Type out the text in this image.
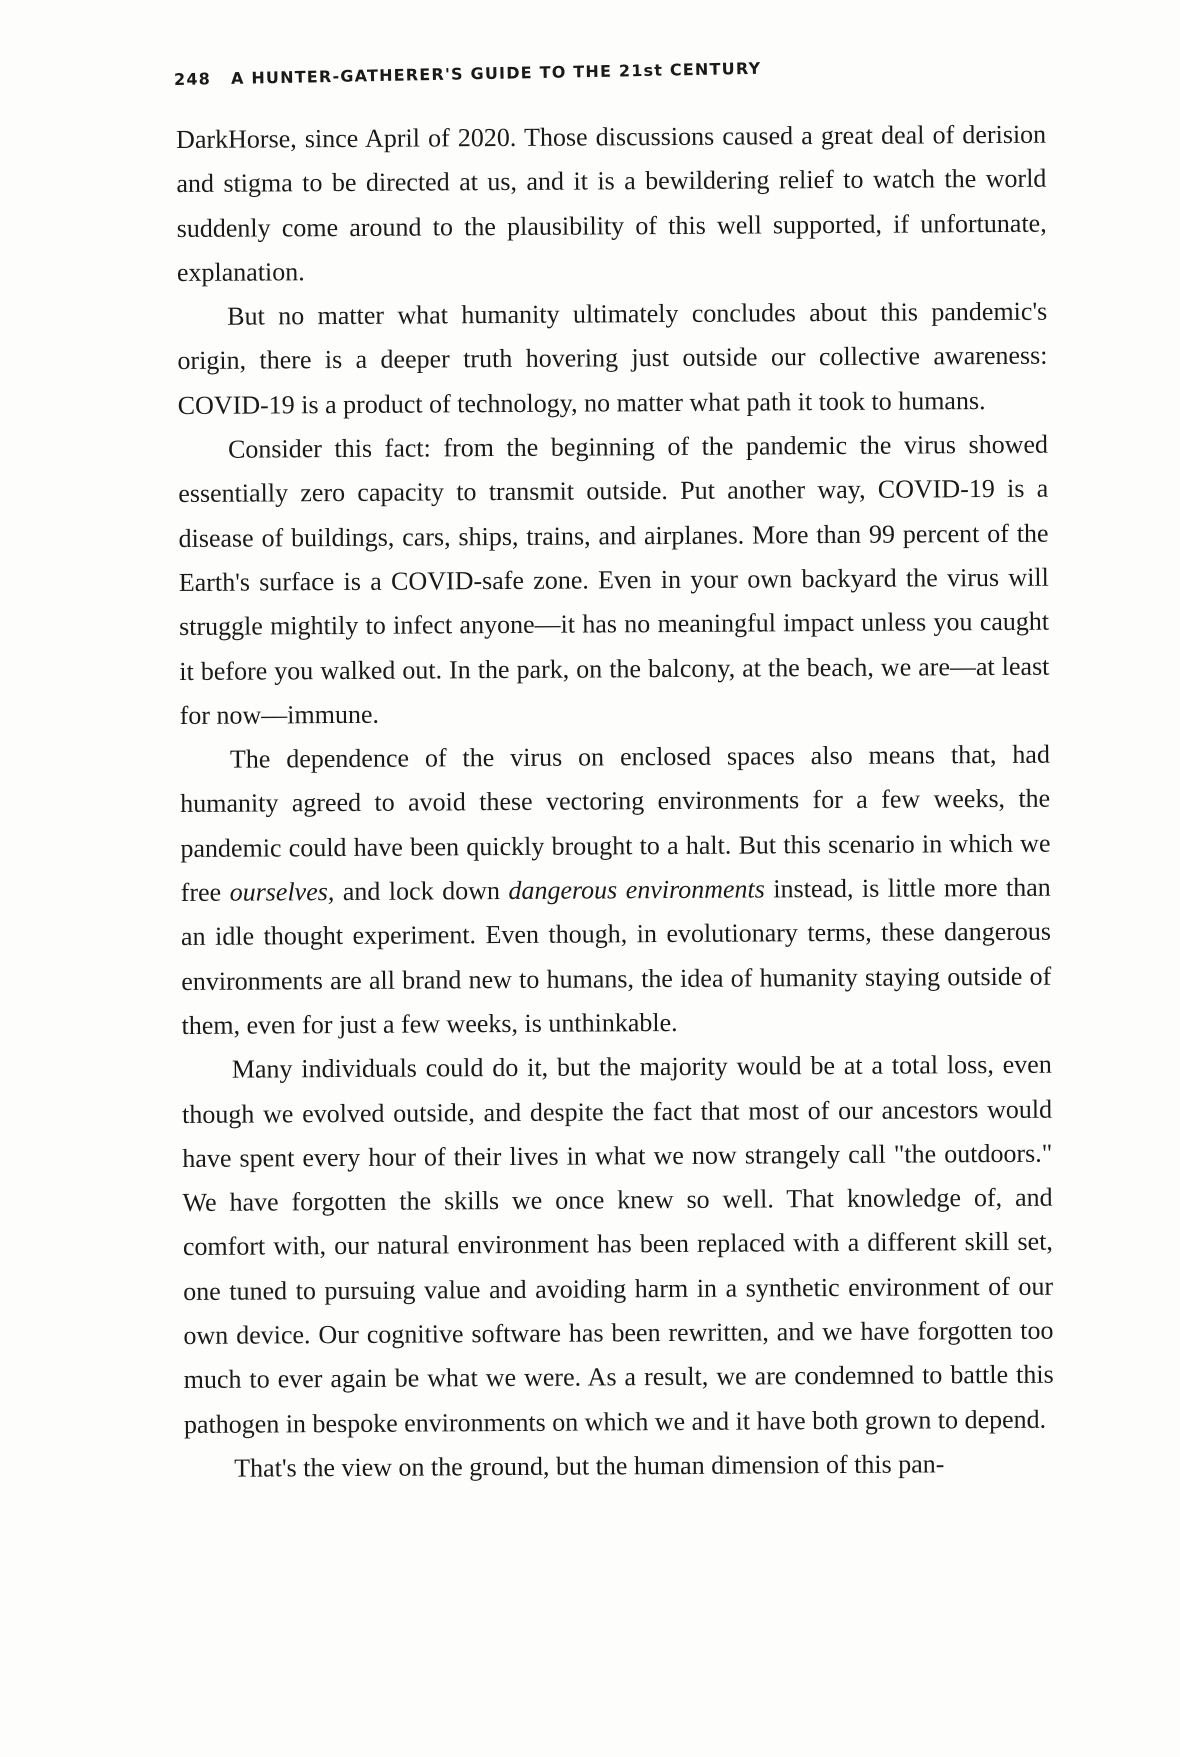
248 A HUNTER-GATHERER'S GUIDE TO THE 21st CENTURY

DarkHorse, since April of 2020. Those discussions caused a great deal of derision and stigma to be directed at us, and it is a bewildering relief to watch the world suddenly come around to the plausibility of this well supported, if unfortunate, explanation.

But no matter what humanity ultimately concludes about this pandemic's origin, there is a deeper truth hovering just outside our collective awareness: COVID-19 is a product of technology, no matter what path it took to humans.

Consider this fact: from the beginning of the pandemic the virus showed essentially zero capacity to transmit outside. Put another way, COVID-19 is a disease of buildings, cars, ships, trains, and airplanes. More than 99 percent of the Earth's surface is a COVID-safe zone. Even in your own backyard the virus will struggle mightily to infect anyone—it has no meaningful impact unless you caught it before you walked out. In the park, on the balcony, at the beach, we are—at least for now—immune.

The dependence of the virus on enclosed spaces also means that, had humanity agreed to avoid these vectoring environments for a few weeks, the pandemic could have been quickly brought to a halt. But this scenario in which we free ourselves, and lock down dangerous environments instead, is little more than an idle thought experiment. Even though, in evolutionary terms, these dangerous environments are all brand new to humans, the idea of humanity staying outside of them, even for just a few weeks, is unthinkable.

Many individuals could do it, but the majority would be at a total loss, even though we evolved outside, and despite the fact that most of our ancestors would have spent every hour of their lives in what we now strangely call "the outdoors." We have forgotten the skills we once knew so well. That knowledge of, and comfort with, our natural environment has been replaced with a different skill set, one tuned to pursuing value and avoiding harm in a synthetic environment of our own device. Our cognitive software has been rewritten, and we have forgotten too much to ever again be what we were. As a result, we are condemned to battle this pathogen in bespoke environments on which we and it have both grown to depend.

That's the view on the ground, but the human dimension of this pan-
